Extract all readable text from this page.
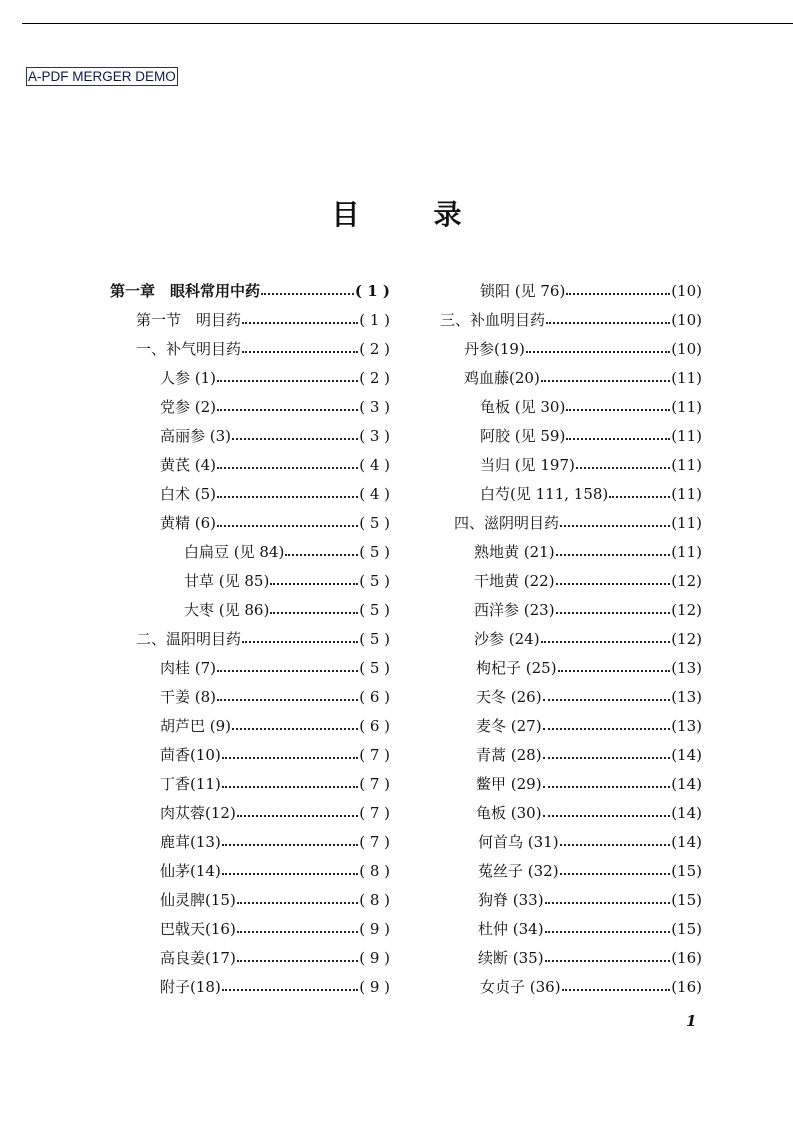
A-PDF MERGER DEMO
目	录
第一章　眼科常用中药	( 1 )
第一节　明目药	( 1 )
一、补气明目药	( 2 )
人参 (1)	( 2 )
党参 (2)	( 3 )
高丽参 (3)	( 3 )
黄芪 (4)	( 4 )
白术 (5)	( 4 )
黄精 (6)	( 5 )
白扁豆 (见 84)	( 5 )
甘草 (见 85)	( 5 )
大枣 (见 86)	( 5 )
二、温阳明目药	( 5 )
肉桂 (7)	( 5 )
干姜 (8)	( 6 )
胡芦巴 (9)	( 6 )
茴香(10)	( 7 )
丁香(11)	( 7 )
肉苁蓉(12)	( 7 )
鹿茸(13)	( 7 )
仙茅(14)	( 8 )
仙灵脾(15)	( 8 )
巴戟天(16)	( 9 )
高良姜(17)	( 9 )
附子(18)	( 9 )
锁阳 (见 76)	(10)
三、补血明目药	(10)
丹参(19)	(10)
鸡血藤(20)	(11)
龟板 (见 30)	(11)
阿胶 (见 59)	(11)
当归 (见 197)	(11)
白芍(见 111, 158)	(11)
四、滋阴明目药	(11)
熟地黄 (21)	(11)
干地黄 (22)	(12)
西洋参 (23)	(12)
沙参 (24)	(12)
枸杞子 (25)	(13)
天冬 (26)	(13)
麦冬 (27)	(13)
青蒿 (28)	(14)
鳖甲 (29)	(14)
龟板 (30)	(14)
何首乌 (31)	(14)
菟丝子 (32)	(15)
狗脊 (33)	(15)
杜仲 (34)	(15)
续断 (35)	(16)
女贞子 (36)	(16)
1
